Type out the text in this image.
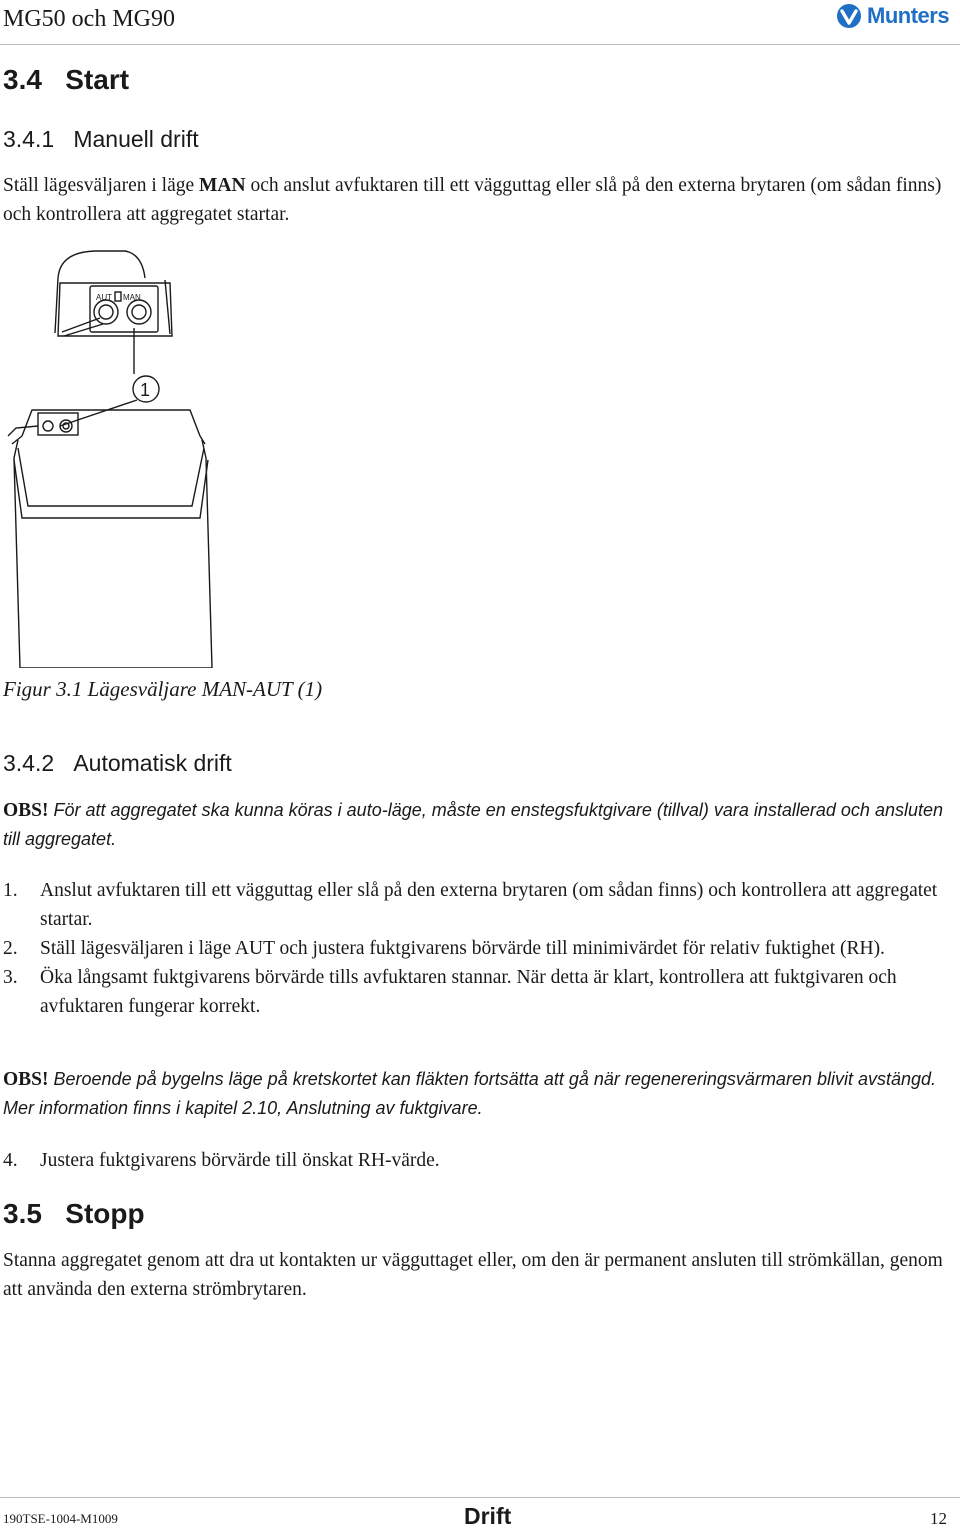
MG50 och MG90	Munters
3.4 Start
3.4.1 Manuell drift
Ställ lägesväljaren i läge MAN och anslut avfuktaren till ett vägguttag eller slå på den externa brytaren (om sådan finns) och kontrollera att aggregatet startar.
AUT MAN
1
Figur 3.1 Lägesväljare MAN-AUT (1)
3.4.2 Automatisk drift
OBS! För att aggregatet ska kunna köras i auto-läge, måste en enstegsfuktgivare (tillval) vara installerad och ansluten till aggregatet.
1.	Anslut avfuktaren till ett vägguttag eller slå på den externa brytaren (om sådan finns) och kontrollera att aggregatet startar.
2.	Ställ lägesväljaren i läge AUT och justera fuktgivarens börvärde till minimivärdet för relativ fuktighet (RH).
3.	Öka långsamt fuktgivarens börvärde tills avfuktaren stannar. När detta är klart, kontrollera att fuktgivaren och avfuktaren fungerar korrekt.
OBS! Beroende på bygelns läge på kretskortet kan fläkten fortsätta att gå när regenereringsvärmaren blivit avstängd. Mer information finns i kapitel 2.10, Anslutning av fuktgivare.
4.	Justera fuktgivarens börvärde till önskat RH-värde.
3.5 Stopp
Stanna aggregatet genom att dra ut kontakten ur vägguttaget eller, om den är permanent ansluten till strömkällan, genom att använda den externa strömbrytaren.
190TSE-1004-M1009	Drift	12
